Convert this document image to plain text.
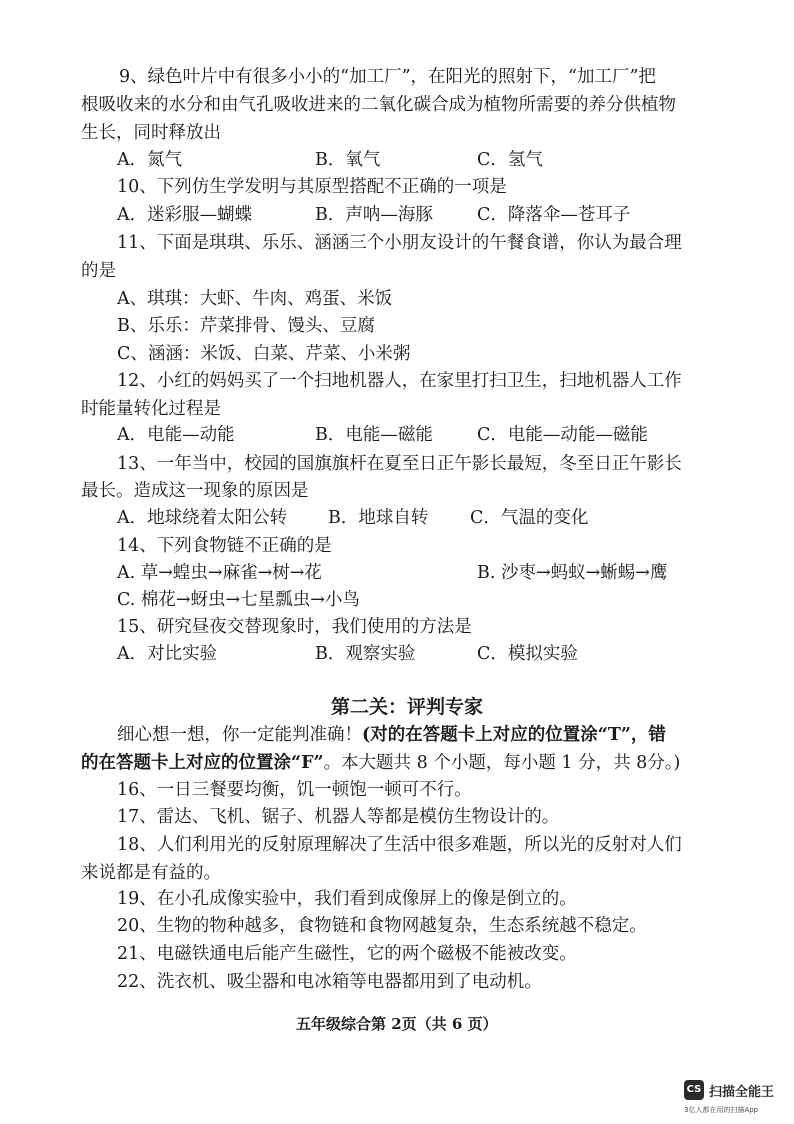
9、绿色叶片中有很多小小的“加工厂”，在阳光的照射下，“加工厂”把
根吸收来的水分和由气孔吸收进来的二氧化碳合成为植物所需要的养分供植物
生长，同时释放出
A．氮气	B．氧气	C．氢气
10、下列仿生学发明与其原型搭配不正确的一项是
A．迷彩服—蝴蝶	B．声呐—海豚	C．降落伞—苍耳子
11、下面是琪琪、乐乐、涵涵三个小朋友设计的午餐食谱，你认为最合理
的是
A、琪琪：大虾、牛肉、鸡蛋、米饭
B、乐乐：芹菜排骨、馒头、豆腐
C、涵涵：米饭、白菜、芹菜、小米粥
12、小红的妈妈买了一个扫地机器人，在家里打扫卫生，扫地机器人工作
时能量转化过程是
A．电能—动能	B．电能—磁能	C．电能—动能—磁能
13、一年当中，校园的国旗旗杆在夏至日正午影长最短，冬至日正午影长
最长。造成这一现象的原因是
A．地球绕着太阳公转 B．地球自转 C．气温的变化
14、下列食物链不正确的是
A. 草→蝗虫→麻雀→树→花	B. 沙枣→蚂蚁→蜥蜴→鹰
C. 棉花→蚜虫→七星瓢虫→小鸟
15、研究昼夜交替现象时，我们使用的方法是
A．对比实验	B．观察实验	C．模拟实验
第二关：评判专家
细心想一想，你一定能判准确！(对的在答题卡上对应的位置涂“T”，错
的在答题卡上对应的位置涂“F”。本大题共 8 个小题，每小题 1 分，共 8分。)
16、一日三餐要均衡，饥一顿饱一顿可不行。
17、雷达、飞机、锯子、机器人等都是模仿生物设计的。
18、人们利用光的反射原理解决了生活中很多难题，所以光的反射对人们
来说都是有益的。
19、在小孔成像实验中，我们看到成像屏上的像是倒立的。
20、生物的物种越多，食物链和食物网越复杂，生态系统越不稳定。
21、电磁铁通电后能产生磁性，它的两个磁极不能被改变。
22、洗衣机、吸尘器和电冰箱等电器都用到了电动机。
五年级综合第 2页（共 6 页）
CS 扫描全能王
3亿人都在用的扫描App
